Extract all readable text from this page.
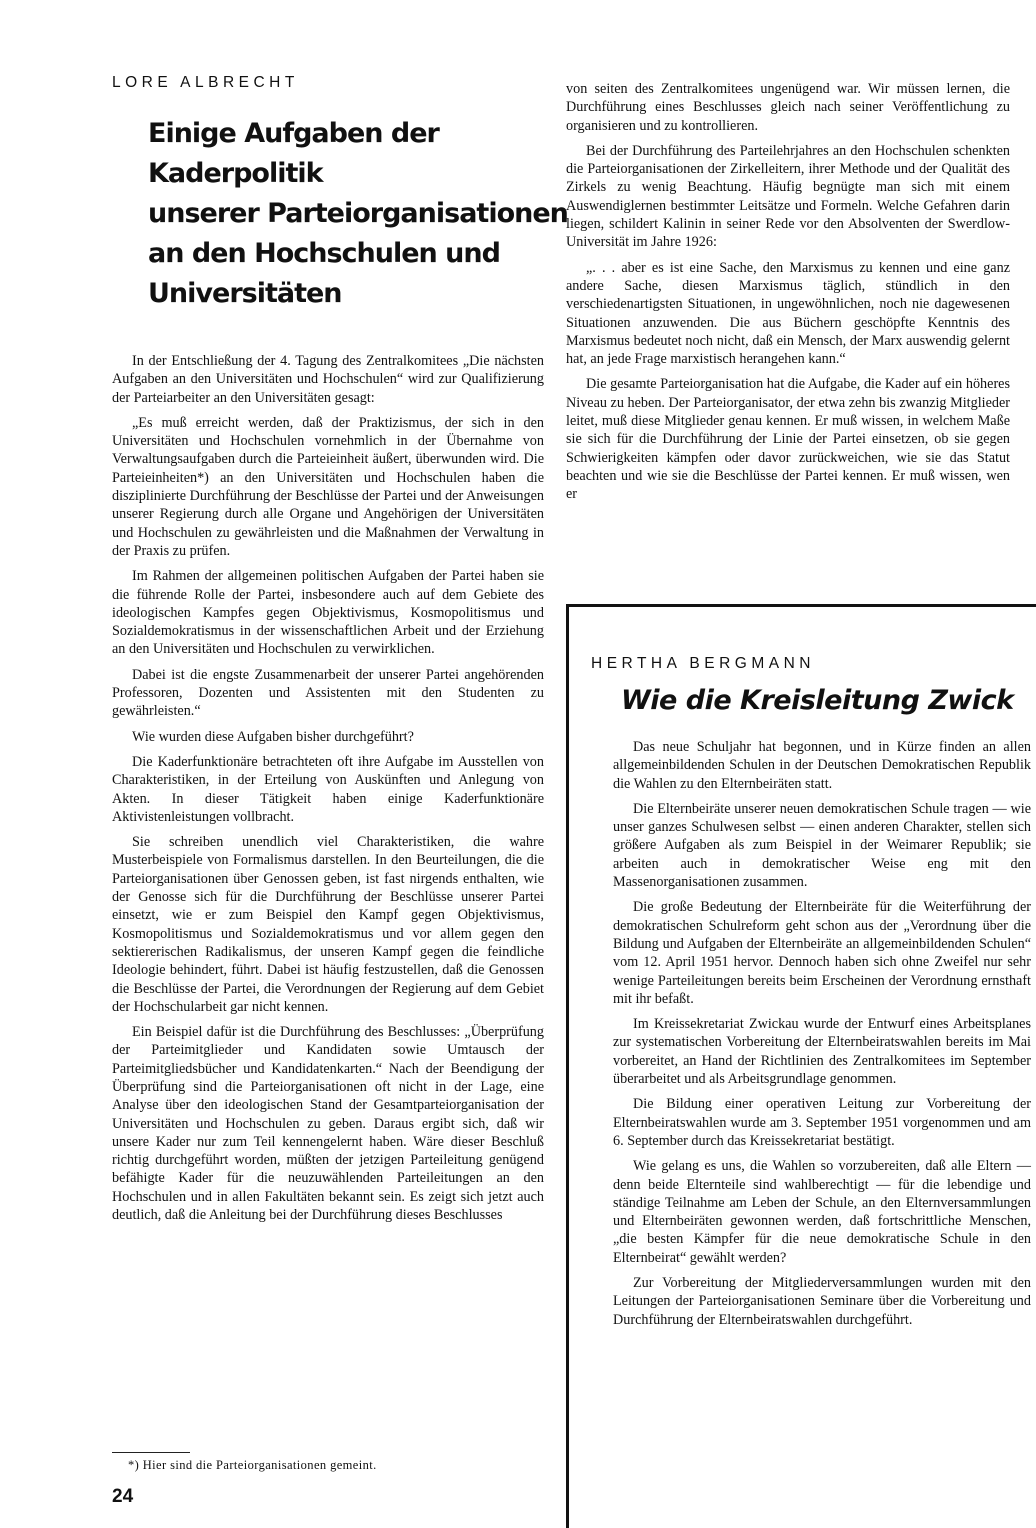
LORE ALBRECHT
Einige Aufgaben der
Kaderpolitik
unserer Parteiorganisationen
an den Hochschulen und
Universitäten

In der Entschließung der 4. Tagung des Zentralkomitees „Die nächsten Aufgaben an den Universitäten und Hochschulen“ wird zur Qualifizierung der Parteiarbeiter an den Universitäten gesagt:

„Es muß erreicht werden, daß der Praktizismus, der sich in den Universitäten und Hochschulen vornehmlich in der Übernahme von Verwaltungsaufgaben durch die Parteieinheit äußert, überwunden wird. Die Parteieinheiten*) an den Universitäten und Hochschulen haben die disziplinierte Durchführung der Beschlüsse der Partei und der Anweisungen unserer Regierung durch alle Organe und Angehörigen der Universitäten und Hochschulen zu gewährleisten und die Maßnahmen der Verwaltung in der Praxis zu prüfen.

Im Rahmen der allgemeinen politischen Aufgaben der Partei haben sie die führende Rolle der Partei, insbesondere auch auf dem Gebiete des ideologischen Kampfes gegen Objektivismus, Kosmopolitismus und Sozialdemokratismus in der wissenschaftlichen Arbeit und der Erziehung an den Universitäten und Hochschulen zu verwirklichen.

Dabei ist die engste Zusammenarbeit der unserer Partei angehörenden Professoren, Dozenten und Assistenten mit den Studenten zu gewährleisten.“

Wie wurden diese Aufgaben bisher durchgeführt?

Die Kaderfunktionäre betrachteten oft ihre Aufgabe im Ausstellen von Charakteristiken, in der Erteilung von Auskünften und Anlegung von Akten. In dieser Tätigkeit haben einige Kaderfunktionäre Aktivistenleistungen vollbracht.

Sie schreiben unendlich viel Charakteristiken, die wahre Musterbeispiele von Formalismus darstellen. In den Beurteilungen, die die Parteiorganisationen über Genossen geben, ist fast nirgends enthalten, wie der Genosse sich für die Durchführung der Beschlüsse unserer Partei einsetzt, wie er zum Beispiel den Kampf gegen Objektivismus, Kosmopolitismus und Sozialdemokratismus und vor allem gegen den sektiererischen Radikalismus, der unseren Kampf gegen die feindliche Ideologie behindert, führt. Dabei ist häufig festzustellen, daß die Genossen die Beschlüsse der Partei, die Verordnungen der Regierung auf dem Gebiet der Hochschularbeit gar nicht kennen.

Ein Beispiel dafür ist die Durchführung des Beschlusses: „Überprüfung der Parteimitglieder und Kandidaten sowie Umtausch der Parteimitgliedsbücher und Kandidatenkarten.“ Nach der Beendigung der Überprüfung sind die Parteiorganisationen oft nicht in der Lage, eine Analyse über den ideologischen Stand der Gesamtparteiorganisation der Universitäten und Hochschulen zu geben. Daraus ergibt sich, daß wir unsere Kader nur zum Teil kennengelernt haben. Wäre dieser Beschluß richtig durchgeführt worden, müßten der jetzigen Parteileitung genügend befähigte Kader für die neuzuwählenden Parteileitungen an den Hochschulen und in allen Fakultäten bekannt sein. Es zeigt sich jetzt auch deutlich, daß die Anleitung bei der Durchführung dieses Beschlusses

*) Hier sind die Parteiorganisationen gemeint.
24

von seiten des Zentralkomitees ungenügend war. Wir müssen lernen, die Durchführung eines Beschlusses gleich nach seiner Veröffentlichung zu organisieren und zu kontrollieren.

Bei der Durchführung des Parteilehrjahres an den Hochschulen schenkten die Parteiorganisationen der Zirkelleitern, ihrer Methode und der Qualität des Zirkels zu wenig Beachtung. Häufig begnügte man sich mit einem Auswendiglernen bestimmter Leitsätze und Formeln. Welche Gefahren darin liegen, schildert Kalinin in seiner Rede vor den Absolventen der Swerdlow-Universität im Jahre 1926:

„. . . aber es ist eine Sache, den Marxismus zu kennen und eine ganz andere Sache, diesen Marxismus täglich, stündlich in den verschiedenartigsten Situationen, in ungewöhnlichen, noch nie dagewesenen Situationen anzuwenden. Die aus Büchern geschöpfte Kenntnis des Marxismus bedeutet noch nicht, daß ein Mensch, der Marx auswendig gelernt hat, an jede Frage marxistisch herangehen kann.“

Die gesamte Parteiorganisation hat die Aufgabe, die Kader auf ein höheres Niveau zu heben. Der Parteiorganisator, der etwa zehn bis zwanzig Mitglieder leitet, muß diese Mitglieder genau kennen. Er muß wissen, in welchem Maße sie sich für die Durchführung der Linie der Partei einsetzen, ob sie gegen Schwierigkeiten kämpfen oder davor zurückweichen, wie sie das Statut beachten und wie sie die Beschlüsse der Partei kennen. Er muß wissen, wen er

HERTHA BERGMANN
Wie die Kreisleitung Zwick

Das neue Schuljahr hat begonnen, und in Kürze finden an allen allgemeinbildenden Schulen in der Deutschen Demokratischen Republik die Wahlen zu den Elternbeiräten statt.

Die Elternbeiräte unserer neuen demokratischen Schule tragen — wie unser ganzes Schulwesen selbst — einen anderen Charakter, stellen sich größere Aufgaben als zum Beispiel in der Weimarer Republik; sie arbeiten auch in demokratischer Weise eng mit den Massenorganisationen zusammen.

Die große Bedeutung der Elternbeiräte für die Weiterführung der demokratischen Schulreform geht schon aus der „Verordnung über die Bildung und Aufgaben der Elternbeiräte an allgemeinbildenden Schulen“ vom 12. April 1951 hervor. Dennoch haben sich ohne Zweifel nur sehr wenige Parteileitungen bereits beim Erscheinen der Verordnung ernsthaft mit ihr befaßt.

Im Kreissekretariat Zwickau wurde der Entwurf eines Arbeitsplanes zur systematischen Vorbereitung der Elternbeiratswahlen bereits im Mai vorbereitet, an Hand der Richtlinien des Zentralkomitees im September überarbeitet und als Arbeitsgrundlage genommen.

Die Bildung einer operativen Leitung zur Vorbereitung der Elternbeiratswahlen wurde am 3. September 1951 vorgenommen und am 6. September durch das Kreissekretariat bestätigt.

Wie gelang es uns, die Wahlen so vorzubereiten, daß alle Eltern — denn beide Elternteile sind wahlberechtigt — für die lebendige und ständige Teilnahme am Leben der Schule, an den Elternversammlungen und Elternbeiräten gewonnen werden, daß fortschrittliche Menschen, „die besten Kämpfer für die neue demokratische Schule in den Elternbeirat“ gewählt werden?

Zur Vorbereitung der Mitgliederversammlungen wurden mit den Leitungen der Parteiorganisationen Seminare über die Vorbereitung und Durchführung der Elternbeiratswahlen durchgeführt.
